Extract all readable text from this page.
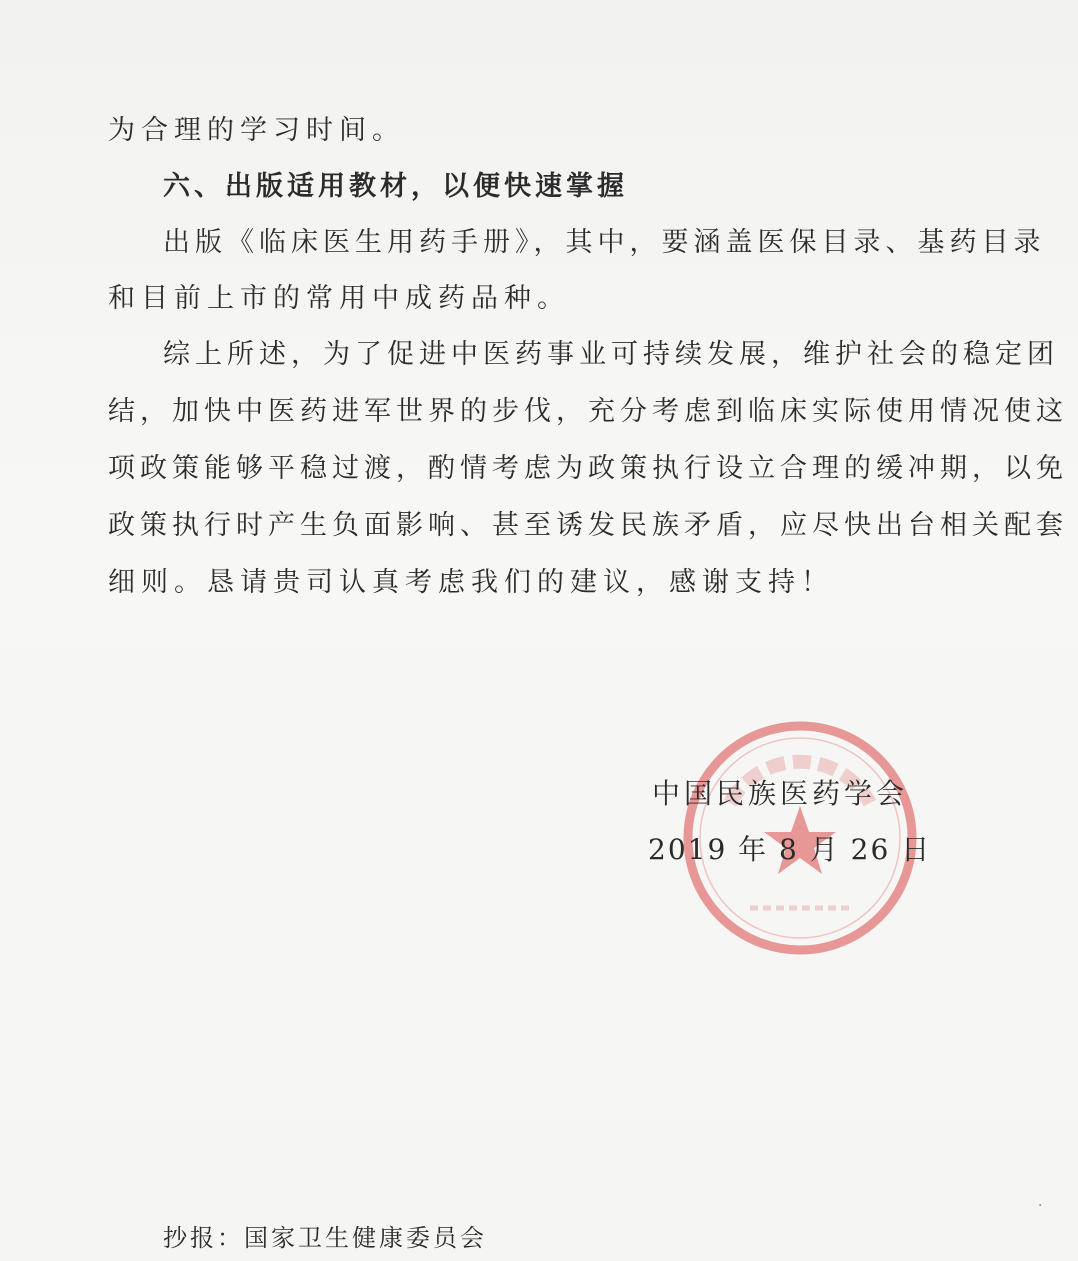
为合理的学习时间。
六、出版适用教材，以便快速掌握
出版《临床医生用药手册》，其中，要涵盖医保目录、基药目录
和目前上市的常用中成药品种。
综上所述，为了促进中医药事业可持续发展，维护社会的稳定团
结，加快中医药进军世界的步伐，充分考虑到临床实际使用情况使这
项政策能够平稳过渡，酌情考虑为政策执行设立合理的缓冲期，以免
政策执行时产生负面影响、甚至诱发民族矛盾，应尽快出台相关配套
细则。恳请贵司认真考虑我们的建议，感谢支持！
中国民族医药学会
2019 年 8 月 26 日
抄报：国家卫生健康委员会
·
